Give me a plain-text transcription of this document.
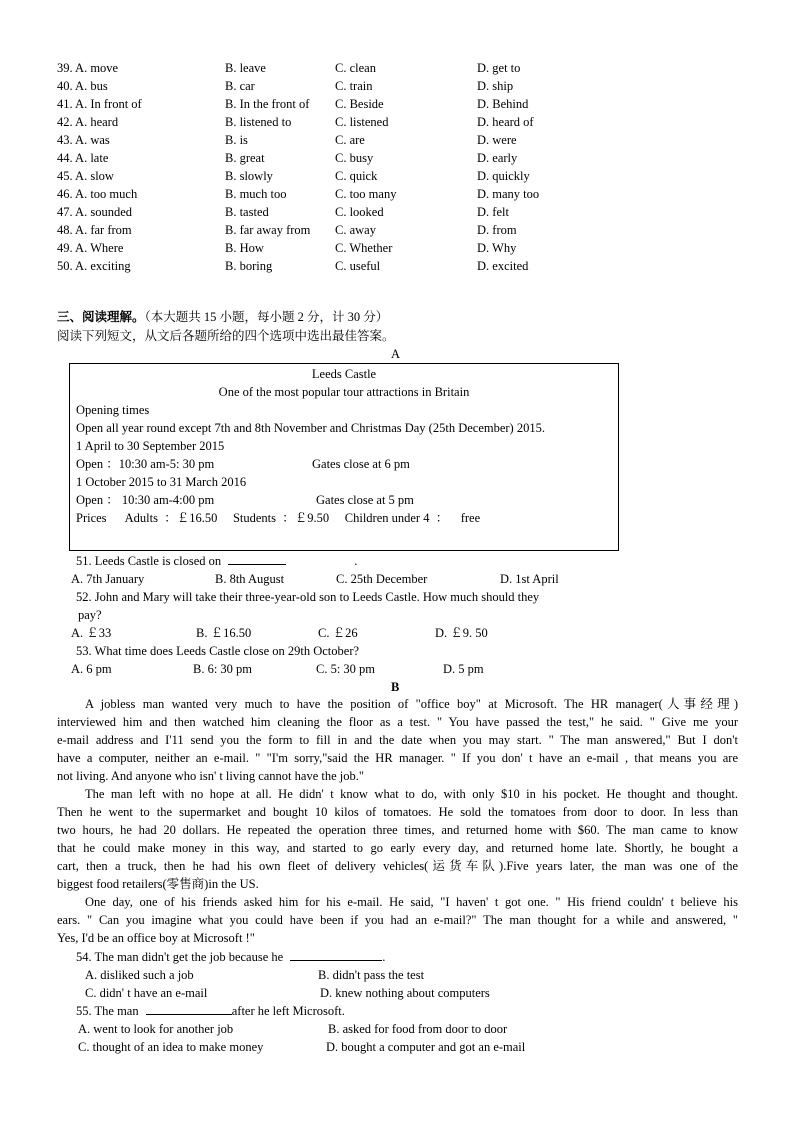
39. A. move	B. leave	C. clean	D. get to
40. A. bus	B. car	C. train	D. ship
41. A. In front of	B. In the front of C. Beside	D. Behind
42. A. heard	B. listened to	C. listened	D. heard of
43. A. was	B. is	C. are	D. were
44. A. late	B. great	C. busy	D. early
45. A. slow	B. slowly	C. quick	D. quickly
46. A. too much	B. much too	C. too many	D. many too
47. A. sounded	B. tasted	C. looked	D. felt
48. A. far from	B. far away from C. away	D. from
49. A. Where	B. How	C. Whether	D. Why
50. A. exciting	B. boring	C. useful	D. excited
三、阅读理解。（本大题共 15 小题，每小题 2 分，计 30 分）
阅读下列短文，从文后各题所给的四个选项中选出最佳答案。
A
Leeds Castle
One of the most popular tour attractions in Britain
Opening times
Open all year round except 7th and 8th November and Christmas Day (25th December) 2015.
1 April to 30 September 2015
Open ：10:30 am-5: 30 pm	Gates close at 6 pm
1 October 2015 to 31 March 2016
Open ： 10:30 am-4:00 pm	Gates close at 5 pm
Prices      Adults  ：￡16.50     Students  ：￡9.50     Children under 4  ：    free
51. Leeds Castle is closed on	.
A. 7th January	B. 8th August	C. 25th December	D. 1st April
52. John and Mary will take their three-year-old son to Leeds Castle. How much should they
pay?
A. ￡33	B. ￡16.50	C. ￡26	D. ￡9. 50
53. What time does Leeds Castle close on 29th October?
A. 6 pm	B. 6: 30 pm	C. 5: 30 pm	D. 5 pm
B
A jobless man wanted very much to have the position of "office boy" at Microsoft. The HR manager(人事经理)
interviewed him and then watched him cleaning the floor as a test. " You have passed the test," he said. " Give me your
e-mail address and I'11 send you the form to fill in and the date when you may start. " The man answered," But I don't
have a computer, neither an e-mail. " "I'm sorry,"said the HR manager. " If you don' t have an e-mail , that means you are
not living. And anyone who isn' t living cannot have the job."
The man left with no hope at all. He didn' t know what to do, with only $10 in his pocket. He thought and thought.
Then he went to the supermarket and bought 10 kilos of tomatoes. He sold the tomatoes from door to door. In less than
two hours, he had 20 dollars. He repeated the operation three times, and returned home with $60. The man came to know
that he could make money in this way, and started to go early every day, and returned home late. Shortly, he bought a
cart, then a truck, then he had his own fleet of delivery vehicles(运货车队).Five years later, the man was one of the
biggest food retailers(零售商)in the US.
One day, one of his friends asked him for his e-mail. He said, "I haven' t got one. " His friend couldn' t believe his
ears. " Can you imagine what you could have been if you had an e-mail?" The man thought for a while and answered, "
Yes, I'd be an office boy at Microsoft !"
54. The man didn't get the job because he	.
A. disliked such a job	B. didn't pass the test
C. didn' t have an e-mail	D. knew nothing about computers
55. The man	after he left Microsoft.
A. went to look for another job	B. asked for food from door to door
C. thought of an idea to make money	D. bought a computer and got an e-mail
